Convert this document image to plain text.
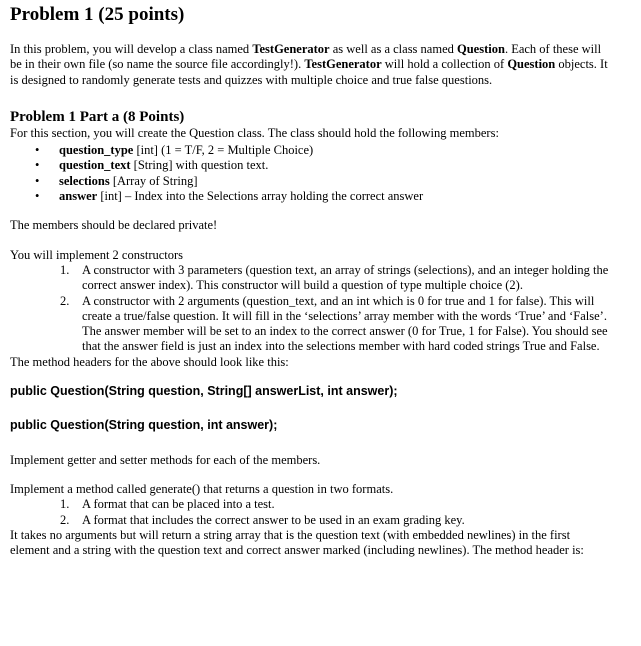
Problem 1 (25 points)

In this problem, you will develop a class named TestGenerator as well as a class named Question. Each of these will be in their own file (so name the source file accordingly!). TestGenerator will hold a collection of Question objects. It is designed to randomly generate tests and quizzes with multiple choice and true false questions.

Problem 1 Part a (8 Points)

For this section, you will create the Question class. The class should hold the following members:

• question_type [int] (1 = T/F, 2 = Multiple Choice)
• question_text [String] with question text.
• selections [Array of String]
• answer [int] – Index into the Selections array holding the correct answer

The members should be declared private!

You will implement 2 constructors

1. A constructor with 3 parameters (question text, an array of strings (selections), and an integer holding the correct answer index). This constructor will build a question of type multiple choice (2).
2. A constructor with 2 arguments (question_text, and an int which is 0 for true and 1 for false). This will create a true/false question. It will fill in the ‘selections’ array member with the words ‘True’ and ‘False’. The answer member will be set to an index to the correct answer (0 for True, 1 for False). You should see that the answer field is just an index into the selections member with hard coded strings True and False.

The method headers for the above should look like this:

public Question(String question, String[] answerList, int answer);

public Question(String question, int answer);

Implement getter and setter methods for each of the members.

Implement a method called generate() that returns a question in two formats.

1. A format that can be placed into a test.
2. A format that includes the correct answer to be used in an exam grading key.

It takes no arguments but will return a string array that is the question text (with embedded newlines) in the first element and a string with the question text and correct answer marked (including newlines). The method header is:
